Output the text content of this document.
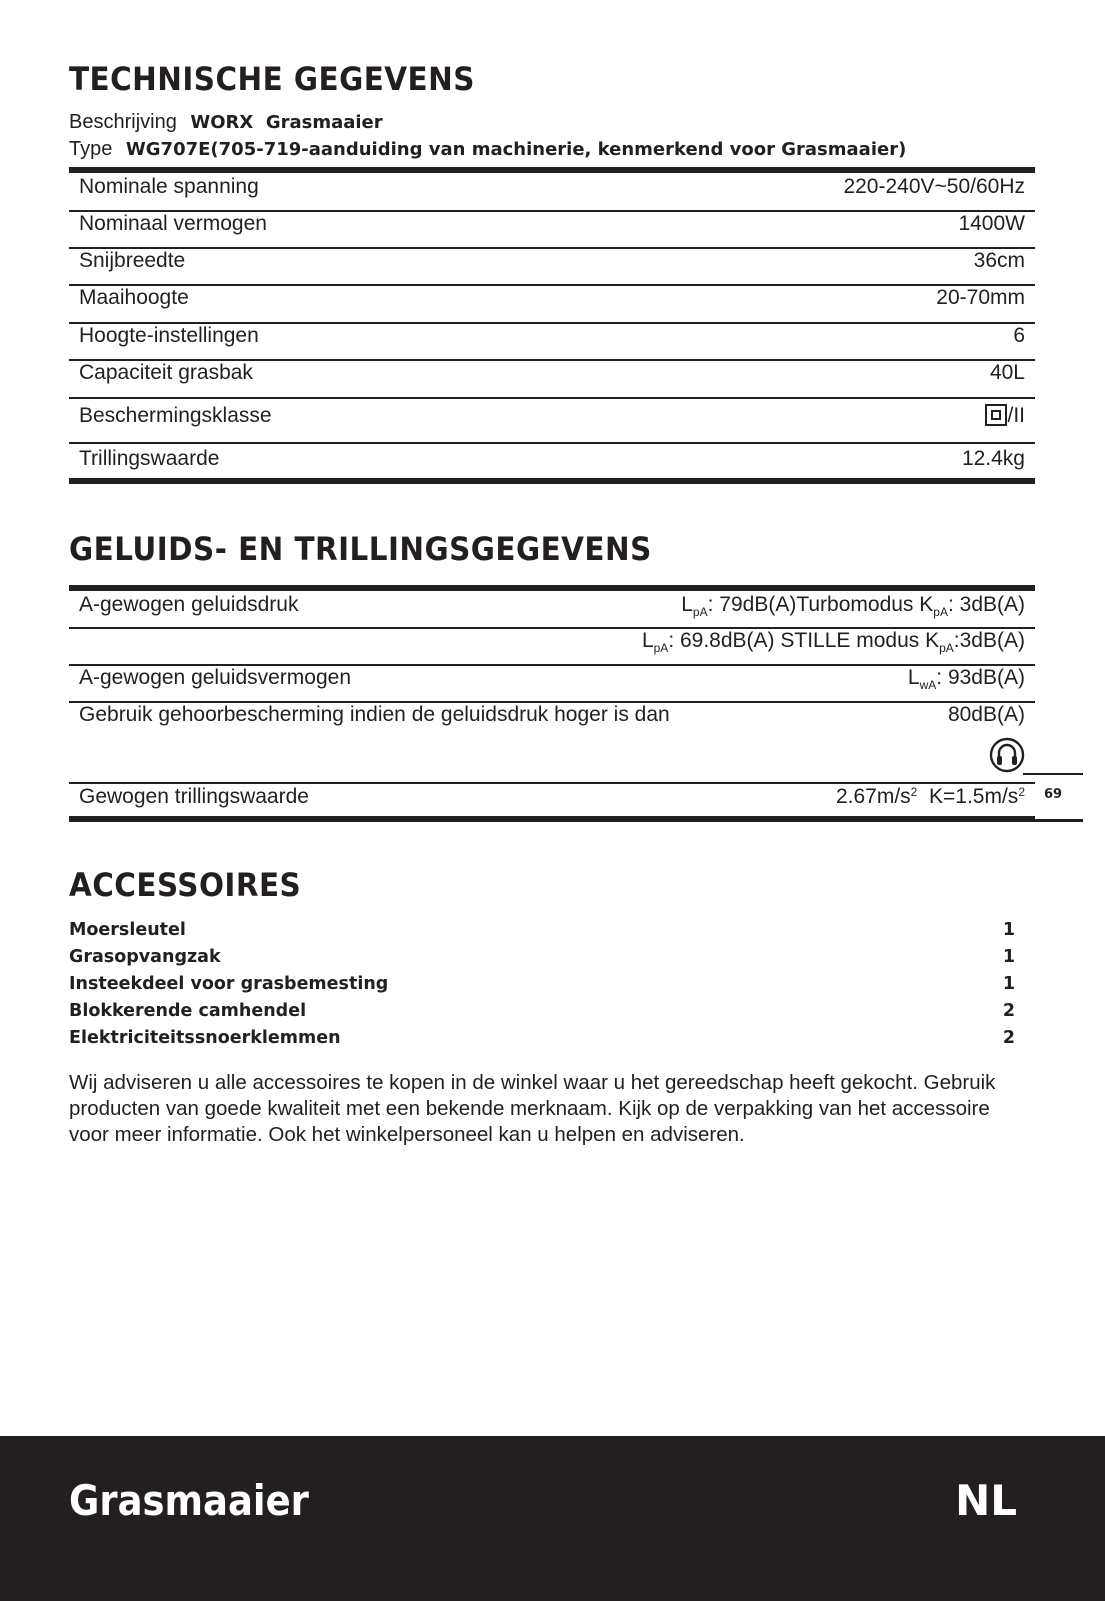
TECHNISCHE GEGEVENS
Beschrijving WORX  Grasmaaier
Type WG707E(705-719-aanduiding van machinerie, kenmerkend voor Grasmaaier)
Nominale spanning	220-240V~50/60Hz
Nominaal vermogen	1400W
Snijbreedte	36cm
Maaihoogte	20-70mm
Hoogte-instellingen	6
Capaciteit grasbak	40L
Beschermingsklasse	/II
Trillingswaarde	12.4kg
GELUIDS- EN TRILLINGSGEGEVENS
A-gewogen geluidsdruk	$L_{pA}$: 79dB(A)Turbomodus $K_{pA}$: 3dB(A)
$L_{pA}$: 69.8dB(A) STILLE modus $K_{pA}:3dB(A)$
A-gewogen geluidsvermogen	$L_{wA}$: 93dB(A)
Gebruik gehoorbescherming indien de geluidsdruk hoger is dan	80dB(A)
Gewogen trillingswaarde	$2.67m/s^2$ $K=1.5m/s^2$
ACCESSOIRES
Moersleutel	1
Grasopvangzak	1
Insteekdeel voor grasbemesting	1
Blokkerende camhendel	2
Elektriciteitssnoerklemmen	2

Wij adviseren u alle accessoires te kopen in de winkel waar u het gereedschap heeft gekocht. Gebruik producten van goede kwaliteit met een bekende merknaam. Kijk op de verpakking van het accessoire voor meer informatie. Ook het winkelpersoneel kan u helpen en adviseren.

69
Grasmaaier	NL
